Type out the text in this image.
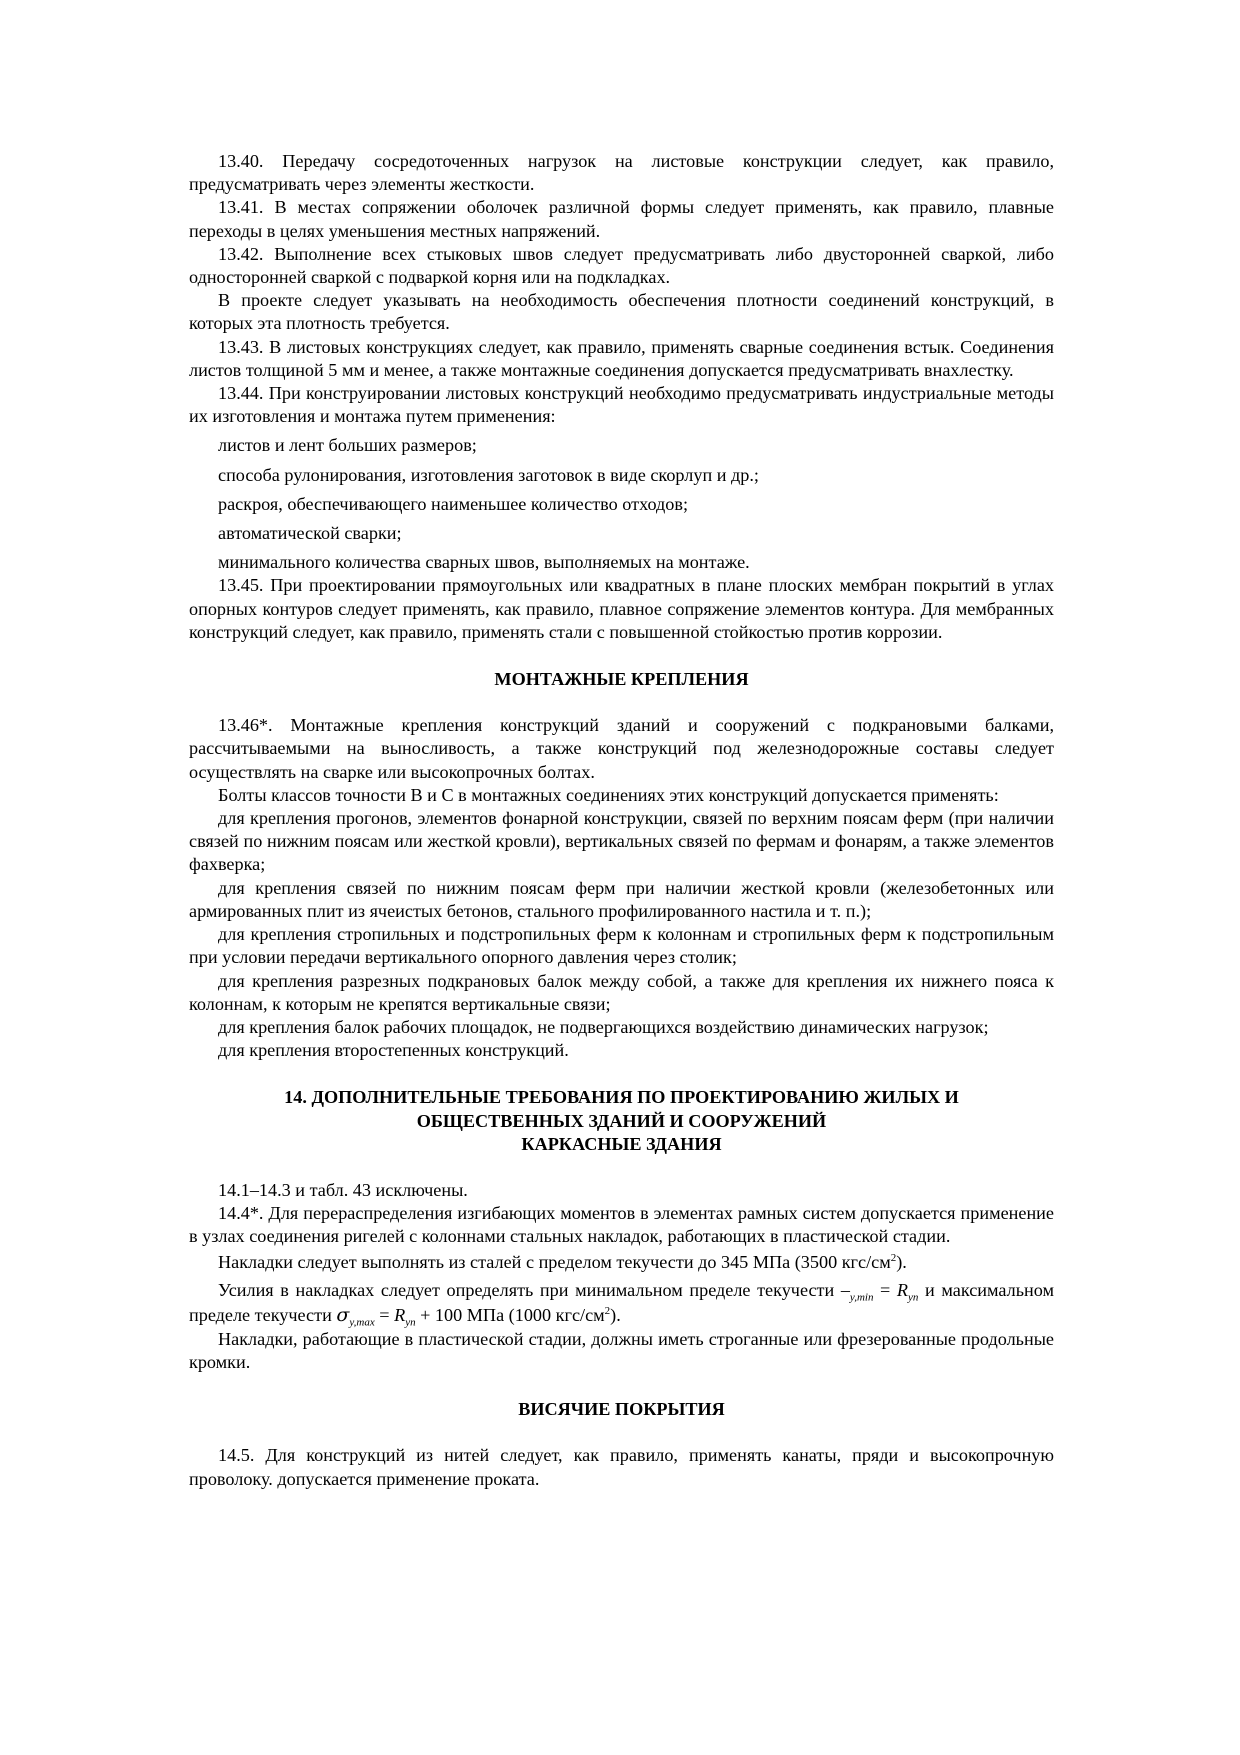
13.40. Передачу сосредоточенных нагрузок на листовые конструкции следует, как правило, предусматривать через элементы жесткости.

13.41. В местах сопряжении оболочек различной формы следует применять, как правило, плавные переходы в целях уменьшения местных напряжений.

13.42. Выполнение всех стыковых швов следует предусматривать либо двусторонней сваркой, либо односторонней сваркой с подваркой корня или на подкладках.

В проекте следует указывать на необходимость обеспечения плотности соединений конструкций, в которых эта плотность требуется.

13.43. В листовых конструкциях следует, как правило, применять сварные соединения встык. Соединения листов толщиной 5 мм и менее, а также монтажные соединения допускается предусматривать внахлестку.

13.44. При конструировании листовых конструкций необходимо предусматривать индустриальные методы их изготовления и монтажа путем применения:

листов и лент больших размеров;

способа рулонирования, изготовления заготовок в виде скорлуп и др.;

раскроя, обеспечивающего наименьшее количество отходов;

автоматической сварки;

минимального количества сварных швов, выполняемых на монтаже.

13.45. При проектировании прямоугольных или квадратных в плане плоских мембран покрытий в углах опорных контуров следует применять, как правило, плавное сопряжение элементов контура. Для мембранных конструкций следует, как правило, применять стали с повышенной стойкостью против коррозии.

МОНТАЖНЫЕ КРЕПЛЕНИЯ

13.46*. Монтажные крепления конструкций зданий и сооружений с подкрановыми балками, рассчитываемыми на выносливость, а также конструкций под железнодорожные составы следует осуществлять на сварке или высокопрочных болтах.

Болты классов точности В и С в монтажных соединениях этих конструкций допускается применять:

для крепления прогонов, элементов фонарной конструкции, связей по верхним поясам ферм (при наличии связей по нижним поясам или жесткой кровли), вертикальных связей по фермам и фонарям, а также элементов фахверка;

для крепления связей по нижним поясам ферм при наличии жесткой кровли (железобетонных или армированных плит из ячеистых бетонов, стального профилированного настила и т. п.);

для крепления стропильных и подстропильных ферм к колоннам и стропильных ферм к подстропильным при условии передачи вертикального опорного давления через столик;

для крепления разрезных подкрановых балок между собой, а также для крепления их нижнего пояса к колоннам, к которым не крепятся вертикальные связи;

для крепления балок рабочих площадок, не подвергающихся воздействию динамических нагрузок;

для крепления второстепенных конструкций.

14. ДОПОЛНИТЕЛЬНЫЕ ТРЕБОВАНИЯ ПО ПРОЕКТИРОВАНИЮ ЖИЛЫХ И
ОБЩЕСТВЕННЫХ ЗДАНИЙ И СООРУЖЕНИЙ
КАРКАСНЫЕ ЗДАНИЯ

14.1–14.3 и табл. 43 исключены.

14.4*. Для перераспределения изгибающих моментов в элементах рамных систем допускается применение в узлах соединения ригелей с колоннами стальных накладок, работающих в пластической стадии.

Накладки следует выполнять из сталей с пределом текучести до 345 МПа (3500 кгс/$см^2$).

Усилия в накладках следует определять при минимальном пределе текучести $-_{y,min} = R_{yn}$ и максимальном пределе текучести $\sigma_{y,max} = R_{yn} + 100$ МПа (1000 кгс/$см^2$).

Накладки, работающие в пластической стадии, должны иметь строганные или фрезерованные продольные кромки.

ВИСЯЧИЕ ПОКРЫТИЯ

14.5. Для конструкций из нитей следует, как правило, применять канаты, пряди и высокопрочную проволоку. допускается применение проката.
